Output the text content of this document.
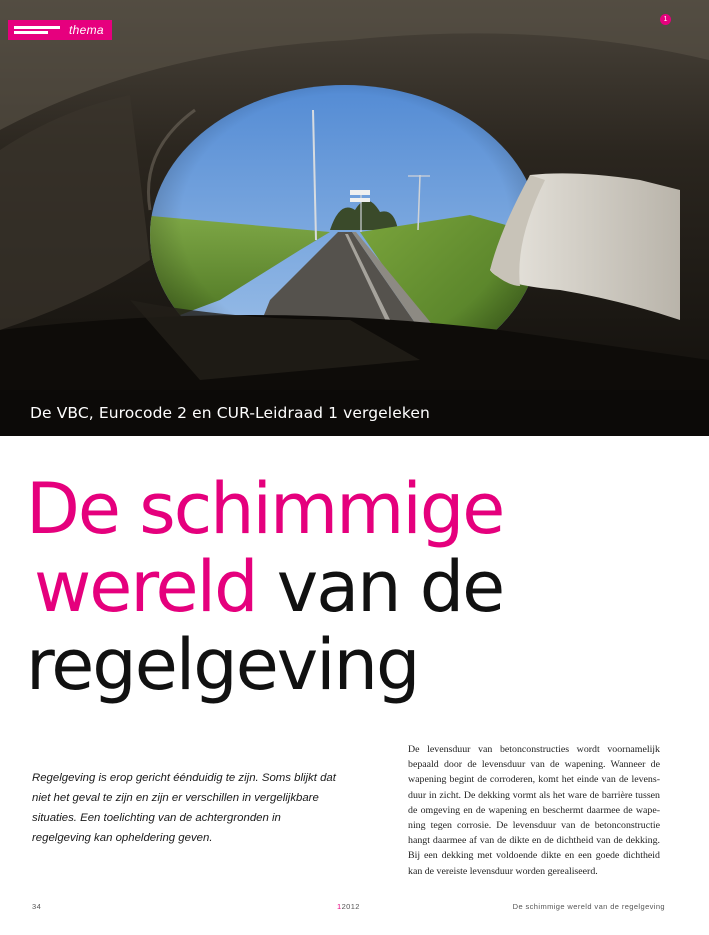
thema
1
De VBC, Eurocode 2 en CUR-Leidraad 1 vergeleken
De schimmige
wereld van de
regelgeving

Regelgeving is erop gericht éénduidig te zijn. Soms blijkt dat niet het geval te zijn en zijn er verschillen in vergelijkbare situaties. Een toelichting van de achtergronden in regelgeving kan opheldering geven.

De levensduur van betonconstructies wordt voornamelijk
bepaald door de levensduur van de wapening. Wanneer de
wapening begint de corroderen, komt het einde van de levens-
duur in zicht. De dekking vormt als het ware de barrière tussen
de omgeving en de wapening en beschermt daarmee de wape-
ning tegen corrosie. De levensduur van de betonconstructie
hangt daarmee af van de dikte en de dichtheid van de dekking.
Bij een dekking met voldoende dikte en een goede dichtheid
kan de vereiste levensduur worden gerealiseerd.
34	12012	De schimmige wereld van de regelgeving
